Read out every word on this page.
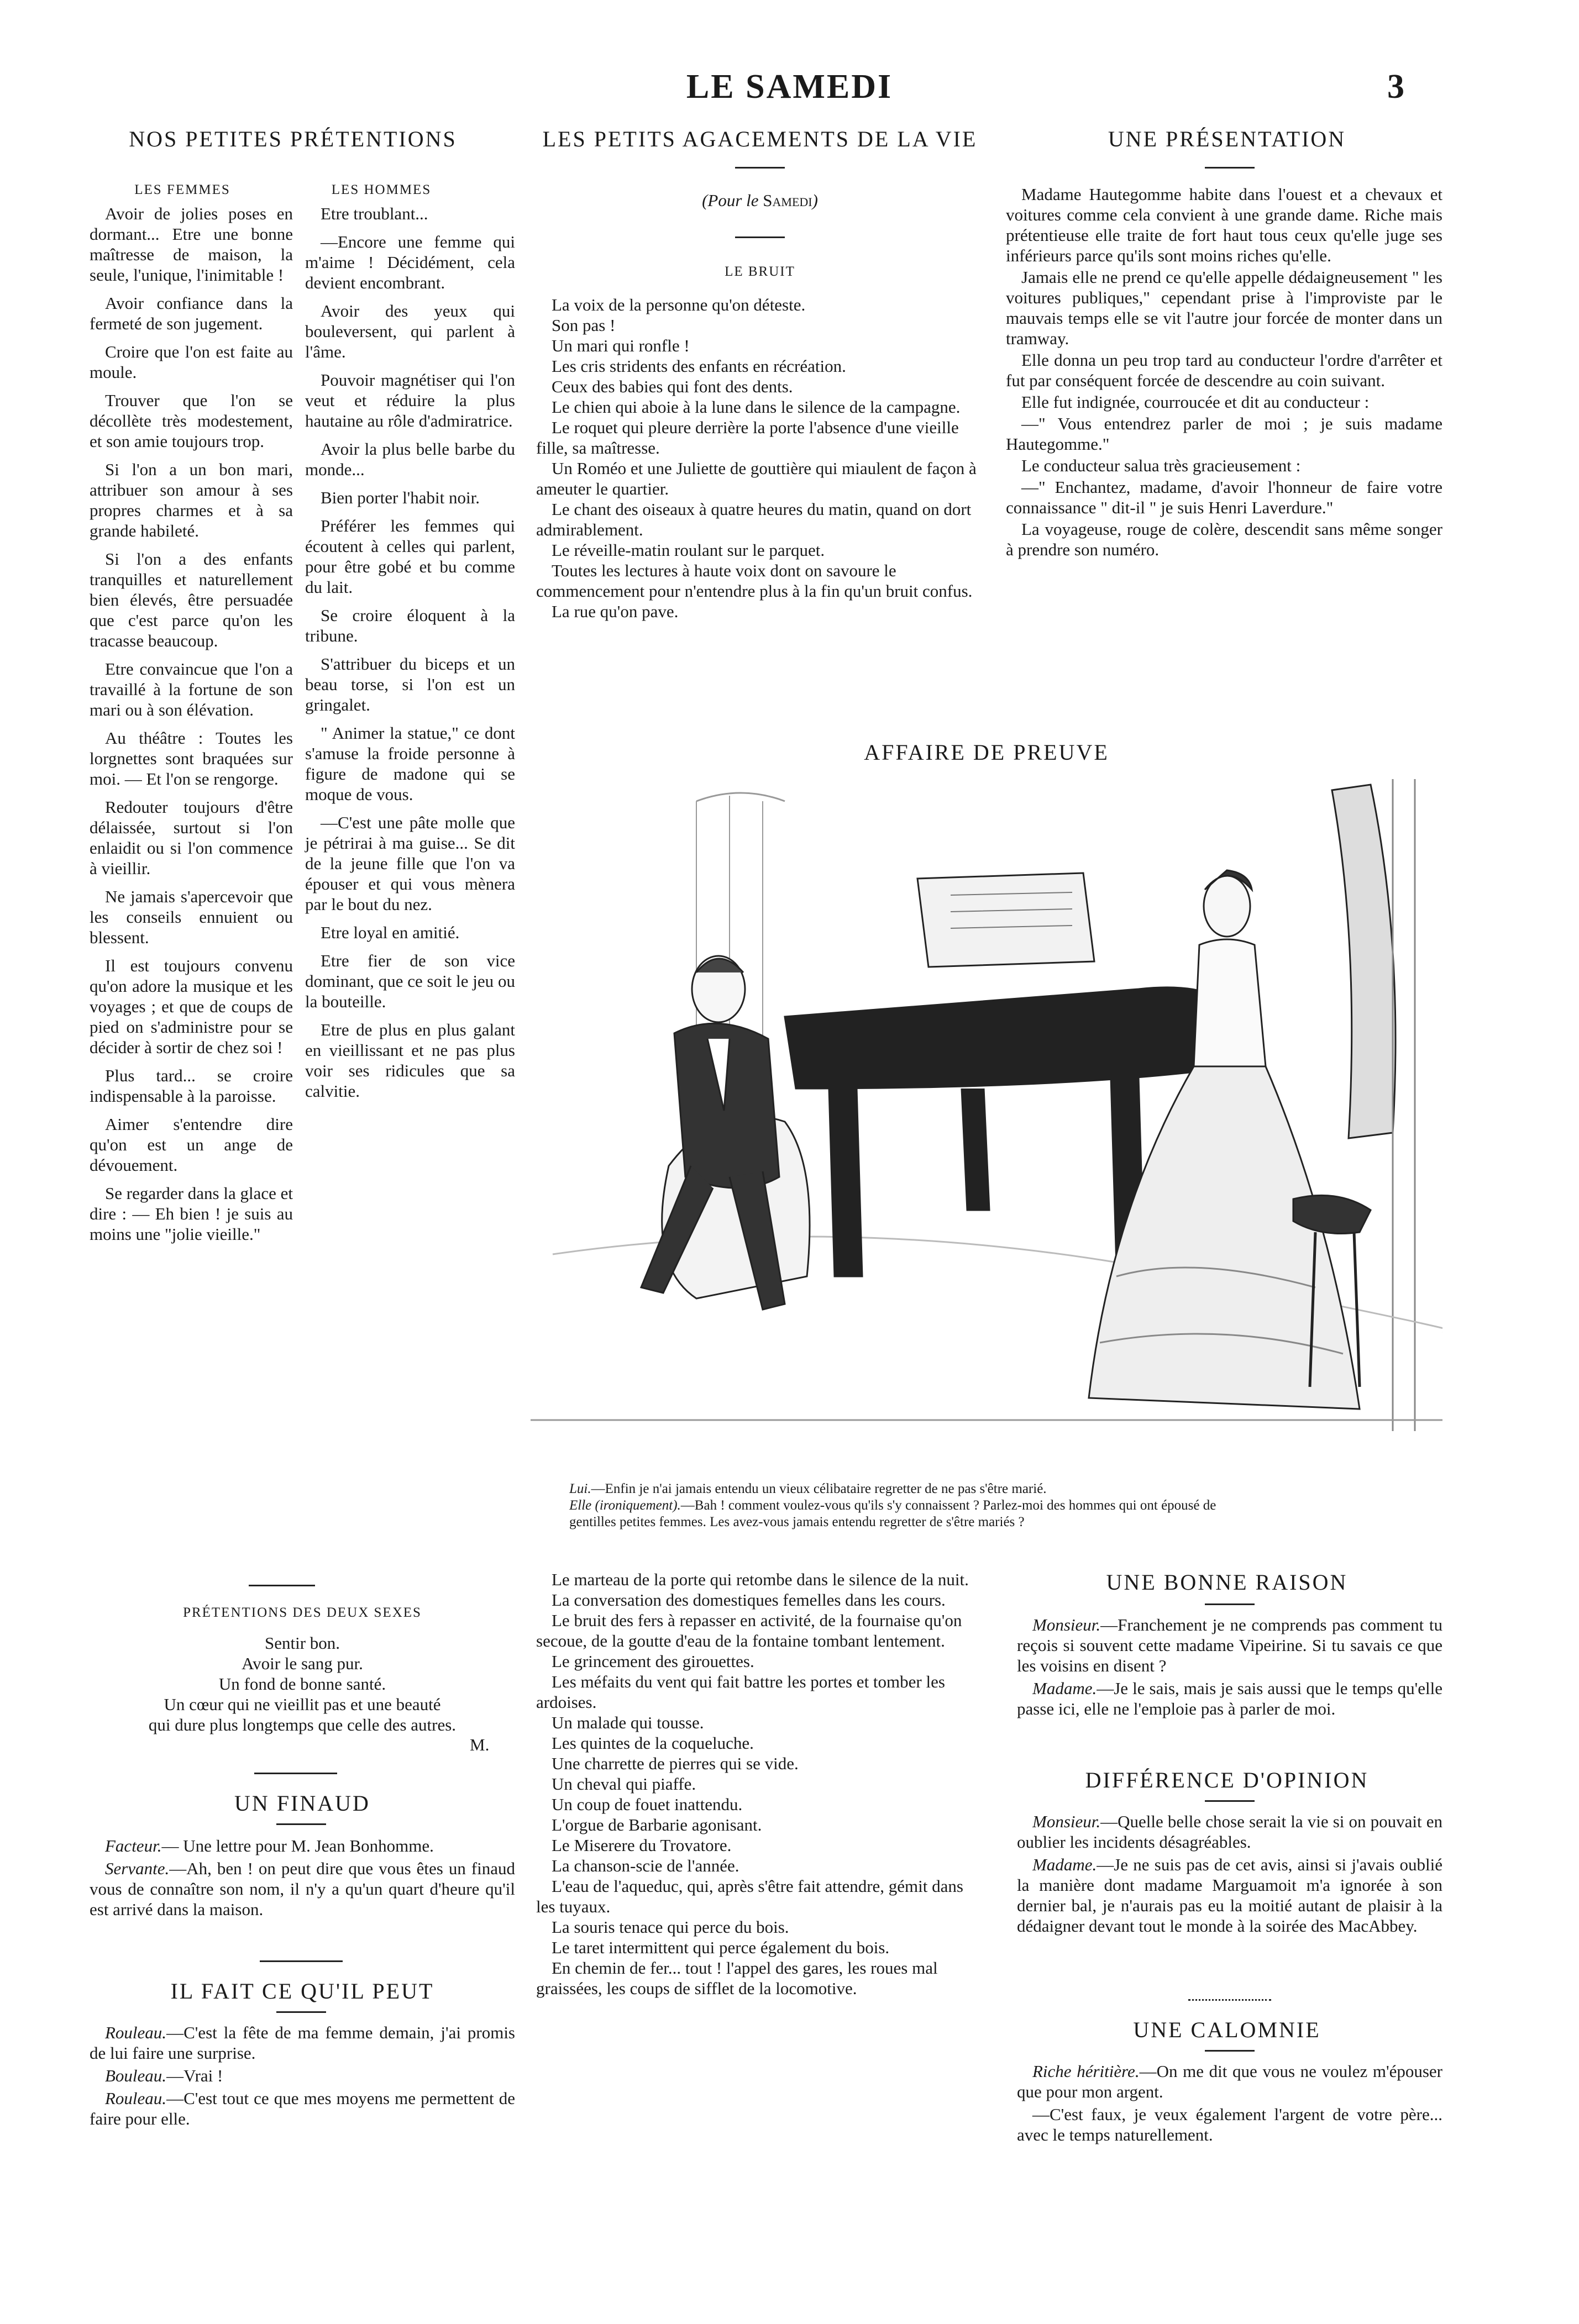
LE SAMEDI	3
NOS PETITES PRÉTENTIONS
LES FEMMES	LES HOMMES

Avoir de jolies poses en dormant... Etre une bonne maîtresse de maison, la seule, l'unique, l'inimitable !

Avoir confiance dans la fermeté de son jugement.

Croire que l'on est faite au moule.

Trouver que l'on se décollète très modestement, et son amie toujours trop.

Si l'on a un bon mari, attribuer son amour à ses propres charmes et à sa grande habileté.

Si l'on a des enfants tranquilles et naturellement bien élevés, être persuadée que c'est parce qu'on les tracasse beaucoup.

Etre convaincue que l'on a travaillé à la fortune de son mari ou à son élévation.

Au théâtre : Toutes les lorgnettes sont braquées sur moi. — Et l'on se rengorge.

Redouter toujours d'être délaissée, surtout si l'on enlaidit ou si l'on commence à vieillir.

Ne jamais s'apercevoir que les conseils ennuient ou blessent.

Il est toujours convenu qu'on adore la musique et les voyages ; et que de coups de pied on s'administre pour se décider à sortir de chez soi !

Plus tard... se croire indispensable à la paroisse.

Aimer s'entendre dire qu'on est un ange de dévouement.

Se regarder dans la glace et dire : — Eh bien ! je suis au moins une "jolie vieille."

Etre troublant...

—Encore une femme qui m'aime ! Décidément, cela devient encombrant.

Avoir des yeux qui bouleversent, qui parlent à l'âme.

Pouvoir magnétiser qui l'on veut et réduire la plus hautaine au rôle d'admiratrice.

Avoir la plus belle barbe du monde...

Bien porter l'habit noir.

Préférer les femmes qui écoutent à celles qui parlent, pour être gobé et bu comme du lait.

Se croire éloquent à la tribune.

S'attribuer du biceps et un beau torse, si l'on est un gringalet.

" Animer la statue," ce dont s'amuse la froide personne à figure de madone qui se moque de vous.

—C'est une pâte molle que je pétrirai à ma guise... Se dit de la jeune fille que l'on va épouser et qui vous mènera par le bout du nez.

Etre loyal en amitié.

Etre fier de son vice dominant, que ce soit le jeu ou la bouteille.

Etre de plus en plus galant en vieillissant et ne pas plus voir ses ridicules que sa calvitie.

PRÉTENTIONS DES DEUX SEXES
Sentir bon.
Avoir le sang pur.
Un fond de bonne santé.
Un cœur qui ne vieillit pas et une beauté
qui dure plus longtemps que celle des autres.
M.
UN FINAUD

Facteur.— Une lettre pour M. Jean Bonhomme.

Servante.—Ah, ben ! on peut dire que vous êtes un finaud vous de connaître son nom, il n'y a qu'un quart d'heure qu'il est arrivé dans la maison.

IL FAIT CE QU'IL PEUT

Rouleau.—C'est la fête de ma femme demain, j'ai promis de lui faire une surprise.

Bouleau.—Vrai !

Rouleau.—C'est tout ce que mes moyens me permettent de faire pour elle.

LES PETITS AGACEMENTS DE LA VIE
(Pour le Samedi)
LE BRUIT

La voix de la personne qu'on déteste.

Son pas !

Un mari qui ronfle !

Les cris stridents des enfants en récréation.

Ceux des babies qui font des dents.

Le chien qui aboie à la lune dans le silence de la campagne.

Le roquet qui pleure derrière la porte l'absence d'une vieille fille, sa maîtresse.

Un Roméo et une Juliette de gouttière qui miaulent de façon à ameuter le quartier.

Le chant des oiseaux à quatre heures du matin, quand on dort admirablement.

Le réveille-matin roulant sur le parquet.

Toutes les lectures à haute voix dont on savoure le commencement pour n'entendre plus à la fin qu'un bruit confus.

La rue qu'on pave.

UNE PRÉSENTATION

Madame Hautegomme habite dans l'ouest et a chevaux et voitures comme cela convient à une grande dame. Riche mais prétentieuse elle traite de fort haut tous ceux qu'elle juge ses inférieurs parce qu'ils sont moins riches qu'elle.

Jamais elle ne prend ce qu'elle appelle dédaigneusement " les voitures publiques," cependant prise à l'improviste par le mauvais temps elle se vit l'autre jour forcée de monter dans un tramway.

Elle donna un peu trop tard au conducteur l'ordre d'arrêter et fut par conséquent forcée de descendre au coin suivant.

Elle fut indignée, courroucée et dit au conducteur :

—" Vous entendrez parler de moi ; je suis madame Hautegomme."

Le conducteur salua très gracieusement :

—" Enchantez, madame, d'avoir l'honneur de faire votre connaissance " dit-il " je suis Henri Laverdure."

La voyageuse, rouge de colère, descendit sans même songer à prendre son numéro.

AFFAIRE DE PREUVE
Lui.—Enfin je n'ai jamais entendu un vieux célibataire regretter de ne pas s'être marié.
Elle (ironiquement).—Bah ! comment voulez-vous qu'ils s'y connaissent ? Parlez-moi des hommes qui ont épousé de
gentilles petites femmes. Les avez-vous jamais entendu regretter de s'être mariés ?

Le marteau de la porte qui retombe dans le silence de la nuit.

La conversation des domestiques femelles dans les cours.

Le bruit des fers à repasser en activité, de la fournaise qu'on secoue, de la goutte d'eau de la fontaine tombant lentement.

Le grincement des girouettes.

Les méfaits du vent qui fait battre les portes et tomber les ardoises.

Un malade qui tousse.

Les quintes de la coqueluche.

Une charrette de pierres qui se vide.

Un cheval qui piaffe.

Un coup de fouet inattendu.

L'orgue de Barbarie agonisant.

Le Miserere du Trovatore.

La chanson-scie de l'année.

L'eau de l'aqueduc, qui, après s'être fait attendre, gémit dans les tuyaux.

La souris tenace qui perce du bois.

Le taret intermittent qui perce également du bois.

En chemin de fer... tout ! l'appel des gares, les roues mal graissées, les coups de sifflet de la locomotive.

UNE BONNE RAISON

Monsieur.—Franchement je ne comprends pas comment tu reçois si souvent cette madame Vipeirine. Si tu savais ce que les voisins en disent ?

Madame.—Je le sais, mais je sais aussi que le temps qu'elle passe ici, elle ne l'emploie pas à parler de moi.

DIFFÉRENCE D'OPINION

Monsieur.—Quelle belle chose serait la vie si on pouvait en oublier les incidents désagréables.

Madame.—Je ne suis pas de cet avis, ainsi si j'avais oublié la manière dont madame Marguamoit m'a ignorée à son dernier bal, je n'aurais pas eu la moitié autant de plaisir à la dédaigner devant tout le monde à la soirée des MacAbbey.

UNE CALOMNIE

Riche héritière.—On me dit que vous ne voulez m'épouser que pour mon argent.

—C'est faux, je veux également l'argent de votre père... avec le temps naturellement.
